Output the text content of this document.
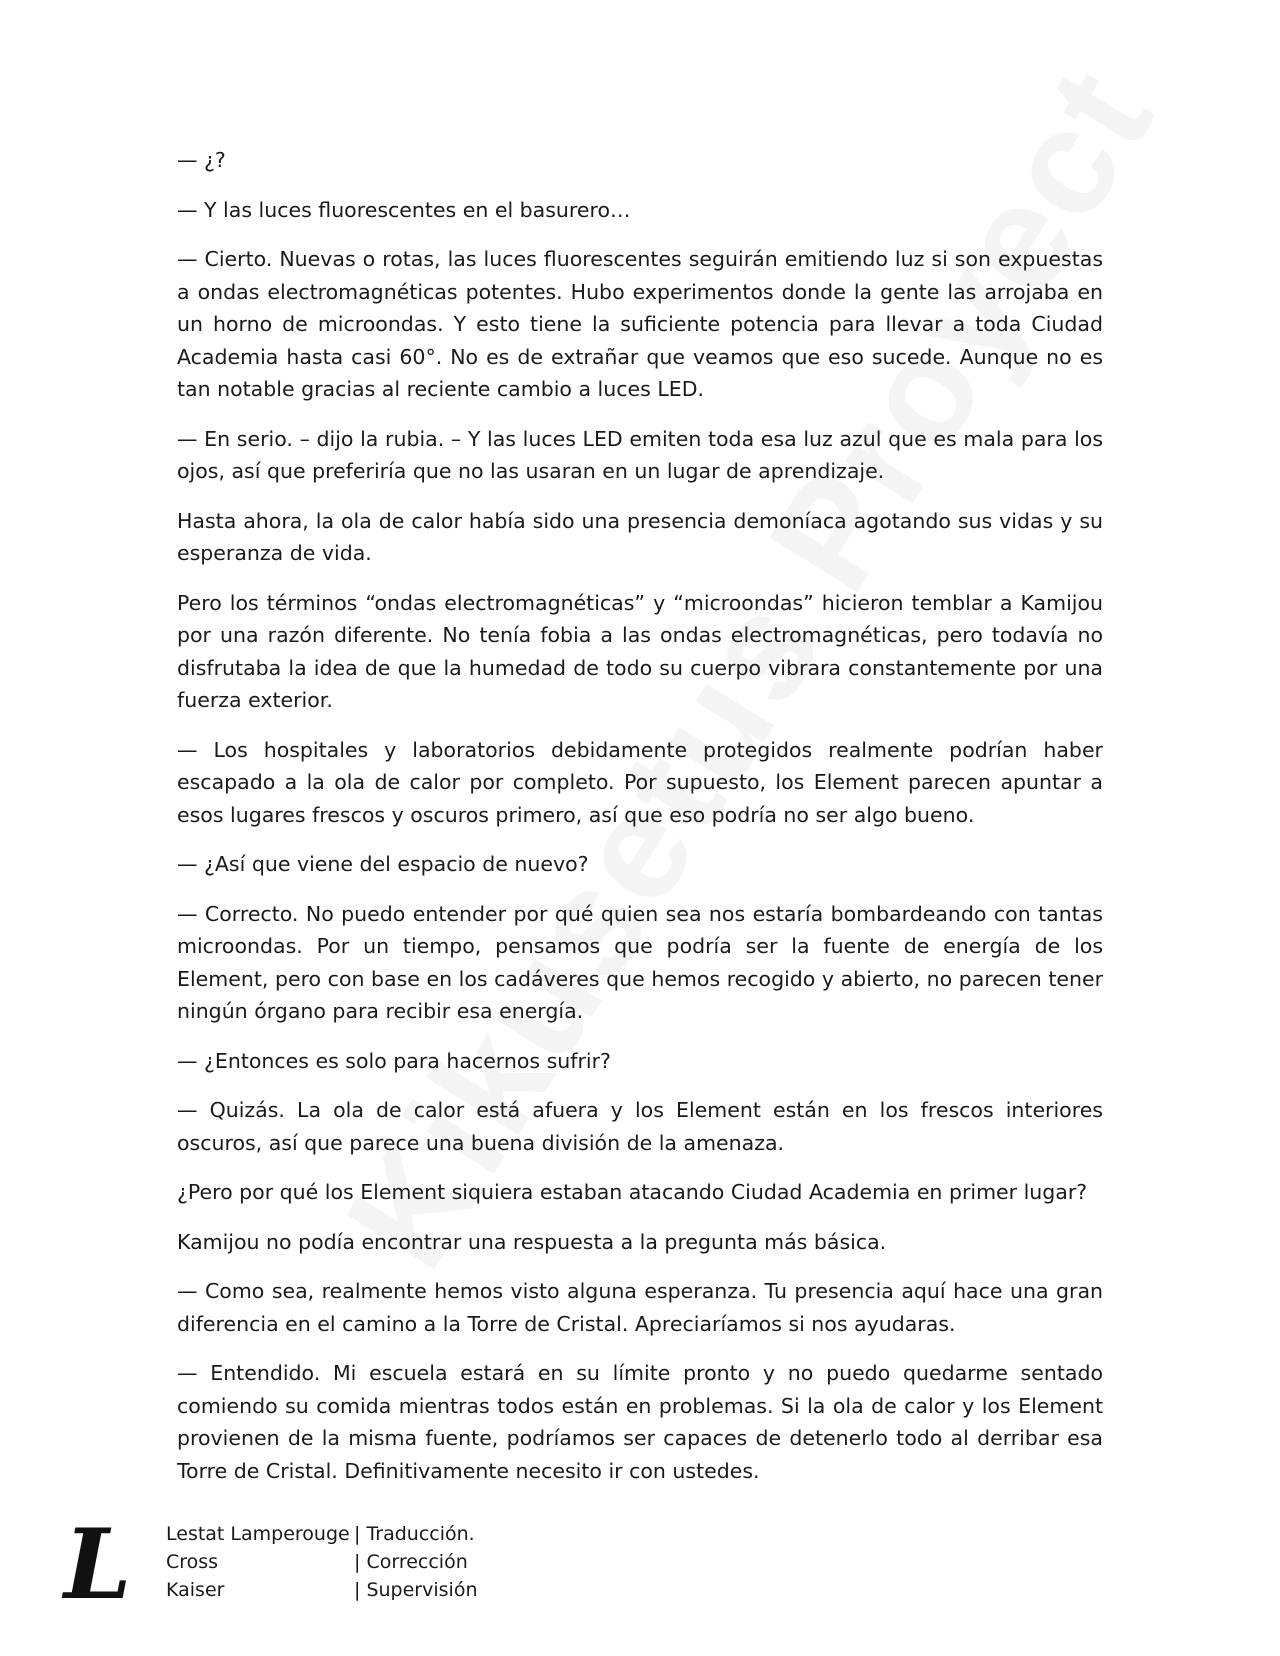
— ¿?

— Y las luces fluorescentes en el basurero…

— Cierto. Nuevas o rotas, las luces fluorescentes seguirán emitiendo luz si son expuestas a ondas electromagnéticas potentes. Hubo experimentos donde la gente las arrojaba en un horno de microondas. Y esto tiene la suficiente potencia para llevar a toda Ciudad Academia hasta casi 60°. No es de extrañar que veamos que eso sucede. Aunque no es tan notable gracias al reciente cambio a luces LED.

— En serio. – dijo la rubia. – Y las luces LED emiten toda esa luz azul que es mala para los ojos, así que preferiría que no las usaran en un lugar de aprendizaje.

Hasta ahora, la ola de calor había sido una presencia demoníaca agotando sus vidas y su esperanza de vida.

Pero los términos “ondas electromagnéticas” y “microondas” hicieron temblar a Kamijou por una razón diferente. No tenía fobia a las ondas electromagnéticas, pero todavía no disfrutaba la idea de que la humedad de todo su cuerpo vibrara constantemente por una fuerza exterior.

— Los hospitales y laboratorios debidamente protegidos realmente podrían haber escapado a la ola de calor por completo. Por supuesto, los Element parecen apuntar a esos lugares frescos y oscuros primero, así que eso podría no ser algo bueno.

— ¿Así que viene del espacio de nuevo?

— Correcto. No puedo entender por qué quien sea nos estaría bombardeando con tantas microondas. Por un tiempo, pensamos que podría ser la fuente de energía de los Element, pero con base en los cadáveres que hemos recogido y abierto, no parecen tener ningún órgano para recibir esa energía.

— ¿Entonces es solo para hacernos sufrir?

— Quizás. La ola de calor está afuera y los Element están en los frescos interiores oscuros, así que parece una buena división de la amenaza.

¿Pero por qué los Element siquiera estaban atacando Ciudad Academia en primer lugar?

Kamijou no podía encontrar una respuesta a la pregunta más básica.

— Como sea, realmente hemos visto alguna esperanza. Tu presencia aquí hace una gran diferencia en el camino a la Torre de Cristal. Apreciaríamos si nos ayudaras.

— Entendido. Mi escuela estará en su límite pronto y no puedo quedarme sentado comiendo su comida mientras todos están en problemas. Si la ola de calor y los Element provienen de la misma fuente, podríamos ser capaces de detenerlo todo al derribar esa Torre de Cristal. Definitivamente necesito ir con ustedes.

L Lestat Lamperouge | Traducción.
Cross	| Corrección
Kaiser	| Supervisión
